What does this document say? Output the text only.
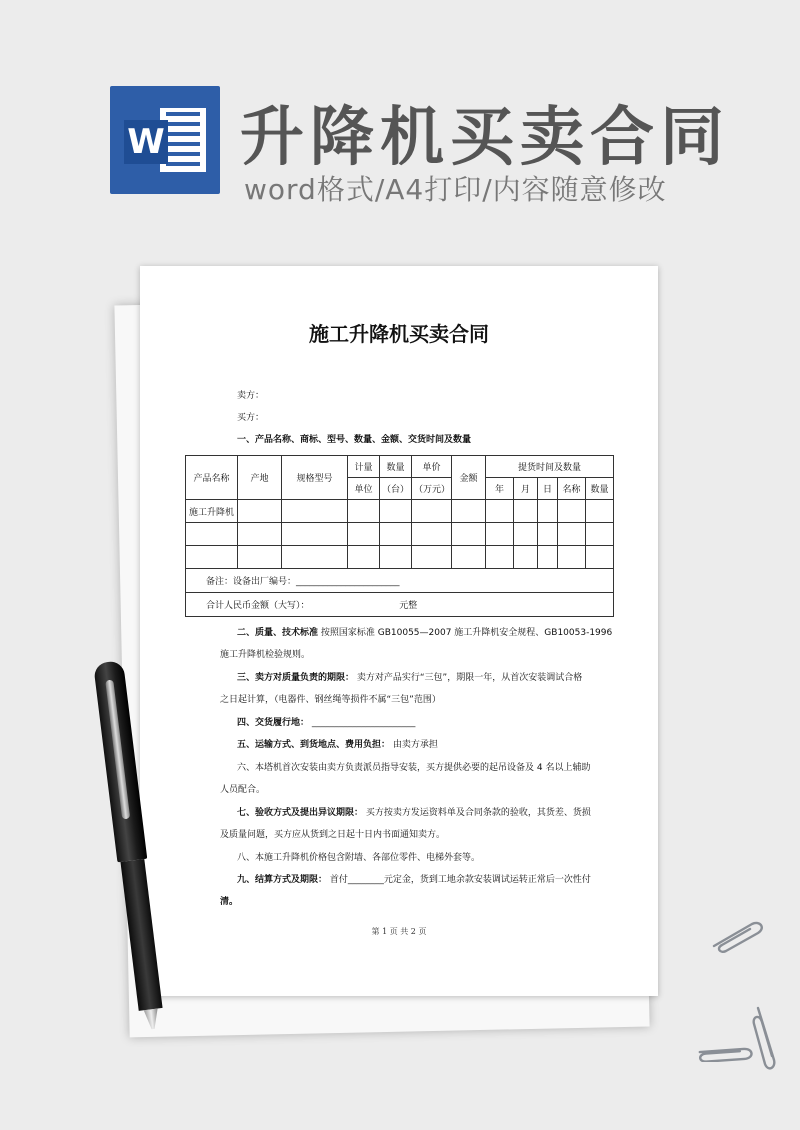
W 升降机买卖合同
word格式/A4打印/内容随意修改
施工升降机买卖合同
卖方：
买方：
一、产品名称、商标、型号、数量、金额、交货时间及数量
产品名称	产地	规格型号	计量	数量	单价	金额	提货时间及数量				
			单位	（台）	（万元）		年	月	日	名称	数量
施工升降机											

备注：设备出厂编号：_______________________											
合计人民币金额（大写）： 元整											
二、质量、技术标准 按照国家标准 GB10055—2007 施工升降机安全规程、GB10053-1996
施工升降机检验规则。
三、卖方对质量负责的期限： 卖方对产品实行“三包”，期限一年，从首次安装调试合格
之日起计算，（电器件、钢丝绳等损件不属“三包”范围）
四、交货履行地： _______________________
五、运输方式、到货地点、费用负担： 由卖方承担
六、本塔机首次安装由卖方负责派员指导安装，买方提供必要的起吊设备及 4 名以上辅助
人员配合。
七、验收方式及提出异议期限： 买方按卖方发运资料单及合同条款的验收，其货差、货损
及质量问题，买方应从货到之日起十日内书面通知卖方。
八、本施工升降机价格包含附墙、各部位零件、电梯外套等。
九、结算方式及期限： 首付________元定金，货到工地余款安装调试运转正常后一次性付
清。
第 1 页 共 2 页
